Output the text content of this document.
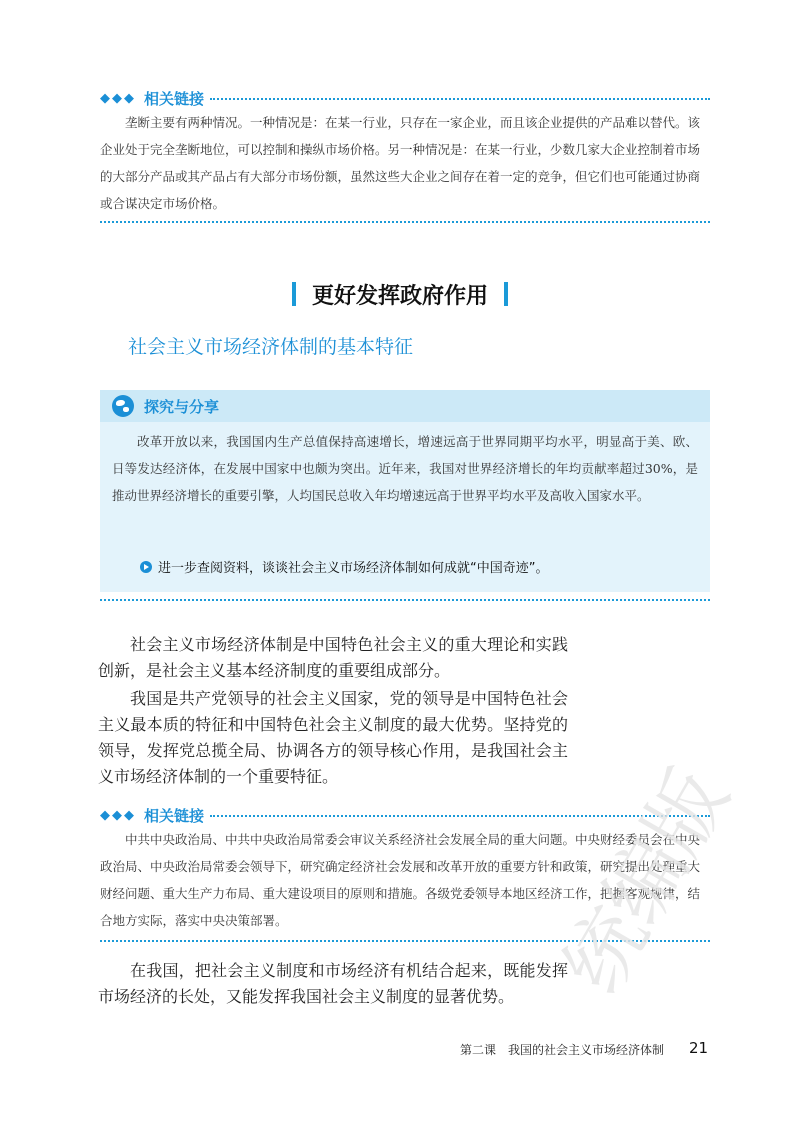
◆◆◆ 相关链接

垄断主要有两种情况。一种情况是：在某一行业，只存在一家企业，而且该企业提供的产品难以替代。该企业处于完全垄断地位，可以控制和操纵市场价格。另一种情况是：在某一行业，少数几家大企业控制着市场的大部分产品或其产品占有大部分市场份额，虽然这些大企业之间存在着一定的竞争，但它们也可能通过协商或合谋决定市场价格。

更好发挥政府作用
社会主义市场经济体制的基本特征
探究与分享

改革开放以来，我国国内生产总值保持高速增长，增速远高于世界同期平均水平，明显高于美、欧、日等发达经济体，在发展中国家中也颇为突出。近年来，我国对世界经济增长的年均贡献率超过30%，是推动世界经济增长的重要引擎，人均国民总收入年均增速远高于世界平均水平及高收入国家水平。

进一步查阅资料，谈谈社会主义市场经济体制如何成就“中国奇迹”。

社会主义市场经济体制是中国特色社会主义的重大理论和实践创新，是社会主义基本经济制度的重要组成部分。

我国是共产党领导的社会主义国家，党的领导是中国特色社会主义最本质的特征和中国特色社会主义制度的最大优势。坚持党的领导，发挥党总揽全局、协调各方的领导核心作用，是我国社会主义市场经济体制的一个重要特征。

◆◆◆ 相关链接

中共中央政治局、中共中央政治局常委会审议关系经济社会发展全局的重大问题。中央财经委员会在中央政治局、中央政治局常委会领导下，研究确定经济社会发展和改革开放的重要方针和政策，研究提出处理重大财经问题、重大生产力布局、重大建设项目的原则和措施。各级党委领导本地区经济工作，把握客观规律，结合地方实际，落实中央决策部署。

在我国，把社会主义制度和市场经济有机结合起来，既能发挥市场经济的长处，又能发挥我国社会主义制度的显著优势。 统编版
第二课　我国的社会主义市场经济体制 21
